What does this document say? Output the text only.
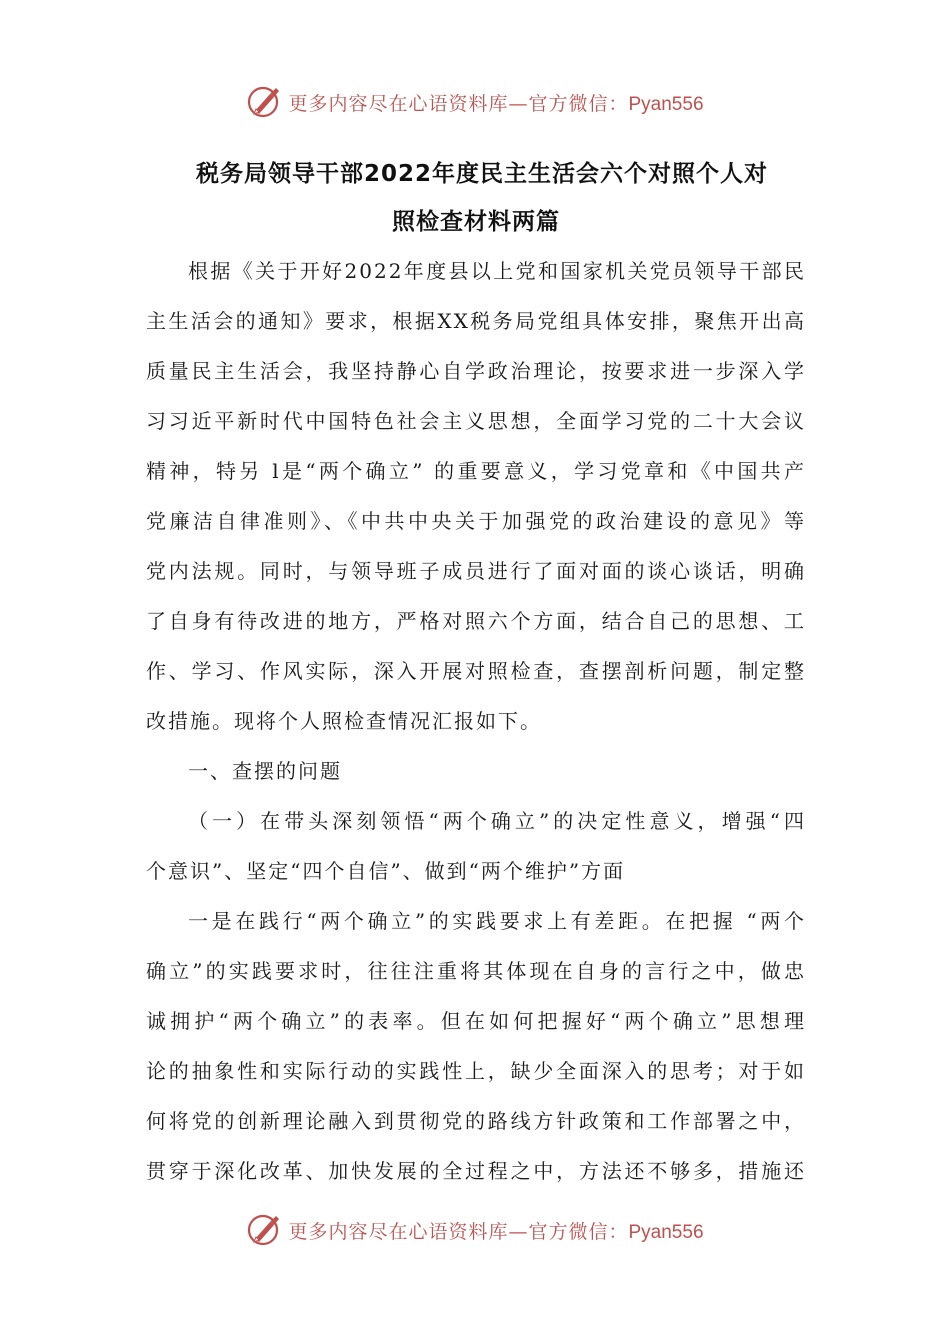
更多内容尽在心语资料库—官方微信：Pyan556
税务局领导干部2022年度民主生活会六个对照个人对
照检查材料两篇
根据《关于开好2022年度县以上党和国家机关党员领导干部民
主生活会的通知》要求，根据XX税务局党组具体安排，聚焦开出高
质量民主生活会，我坚持静心自学政治理论，按要求进一步深入学
习习近平新时代中国特色社会主义思想，全面学习党的二十大会议
精神，特另 l是“两个确立” 的重要意义，学习党章和《中国共产
党廉洁自律准则》、《中共中央关于加强党的政治建设的意见》等
党内法规。同时，与领导班子成员进行了面对面的谈心谈话，明确
了自身有待改进的地方，严格对照六个方面，结合自己的思想、工
作、学习、作风实际，深入开展对照检查，查摆剖析问题，制定整
改措施。现将个人照检查情况汇报如下。
一、查摆的问题
（一）在带头深刻领悟“两个确立”的决定性意义，增强“四
个意识”、坚定“四个自信”、做到“两个维护”方面
一是在践行“两个确立”的实践要求上有差距。在把握 “两个
确立”的实践要求时，往往注重将其体现在自身的言行之中，做忠
诚拥护“两个确立”的表率。但在如何把握好“两个确立”思想理
论的抽象性和实际行动的实践性上，缺少全面深入的思考；对于如
何将党的创新理论融入到贯彻党的路线方针政策和工作部署之中，
贯穿于深化改革、加快发展的全过程之中，方法还不够多，措施还
更多内容尽在心语资料库—官方微信：Pyan556
